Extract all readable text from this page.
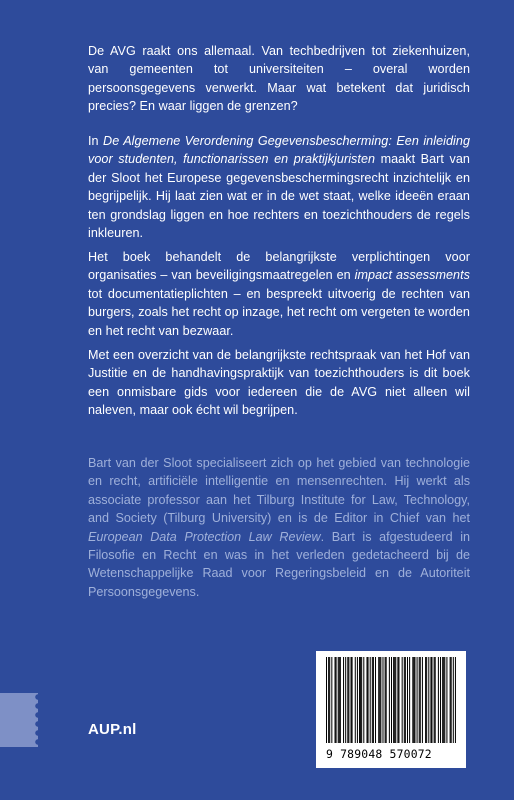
De AVG raakt ons allemaal. Van techbedrijven tot ziekenhuizen, van gemeenten tot universiteiten – overal worden persoonsgegevens verwerkt. Maar wat betekent dat juridisch precies? En waar liggen de grenzen?
In De Algemene Verordening Gegevensbescherming: Een inleiding voor studenten, functionarissen en praktijkjuristen maakt Bart van der Sloot het Europese gegevensbeschermingsrecht inzichtelijk en begrijpelijk. Hij laat zien wat er in de wet staat, welke ideeën eraan ten grondslag liggen en hoe rechters en toezichthouders de regels inkleuren.
Het boek behandelt de belangrijkste verplichtingen voor organisaties – van beveiligingsmaatregelen en impact assessments tot documentatieplichten – en bespreekt uitvoerig de rechten van burgers, zoals het recht op inzage, het recht om vergeten te worden en het recht van bezwaar.
Met een overzicht van de belangrijkste rechtspraak van het Hof van Justitie en de handhavingspraktijk van toezichthouders is dit boek een onmisbare gids voor iedereen die de AVG niet alleen wil naleven, maar ook écht wil begrijpen.
Bart van der Sloot specialiseert zich op het gebied van technologie en recht, artificiële intelligentie en mensenrechten. Hij werkt als associate professor aan het Tilburg Institute for Law, Technology, and Society (Tilburg University) en is de Editor in Chief van het European Data Protection Law Review. Bart is afgestudeerd in Filosofie en Recht en was in het verleden gedetacheerd bij de Wetenschappelijke Raad voor Regeringsbeleid en de Autoriteit Persoonsgegevens.
AUP.nl
9 789048 570072
